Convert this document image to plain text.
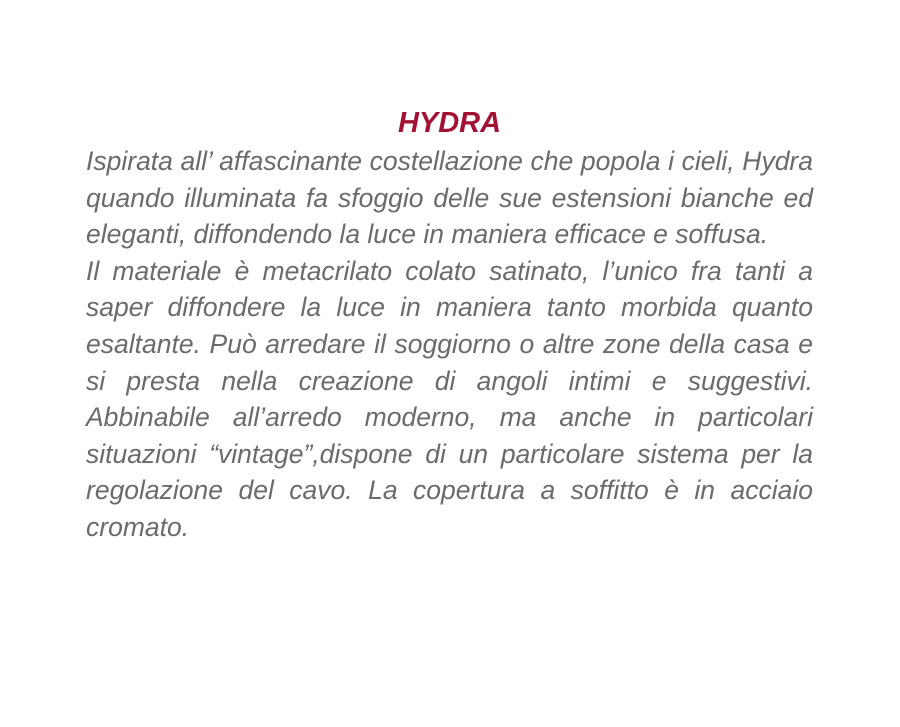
HYDRA

Ispirata all’ affascinante costellazione che popola i cieli, Hydra quando illuminata fa sfoggio delle sue estensioni bianche ed eleganti, diffondendo la luce in maniera efficace e soffusa.

Il materiale è metacrilato colato satinato, l’unico fra tanti a saper diffondere la luce in maniera tanto morbida quanto esaltante. Può arredare il soggiorno o altre zone della casa e si presta nella creazione di angoli intimi e suggestivi. Abbinabile all’arredo moderno, ma anche in particolari situazioni “vintage”,dispone di un particolare sistema per la regolazione del cavo. La copertura a soffitto è in acciaio cromato.
